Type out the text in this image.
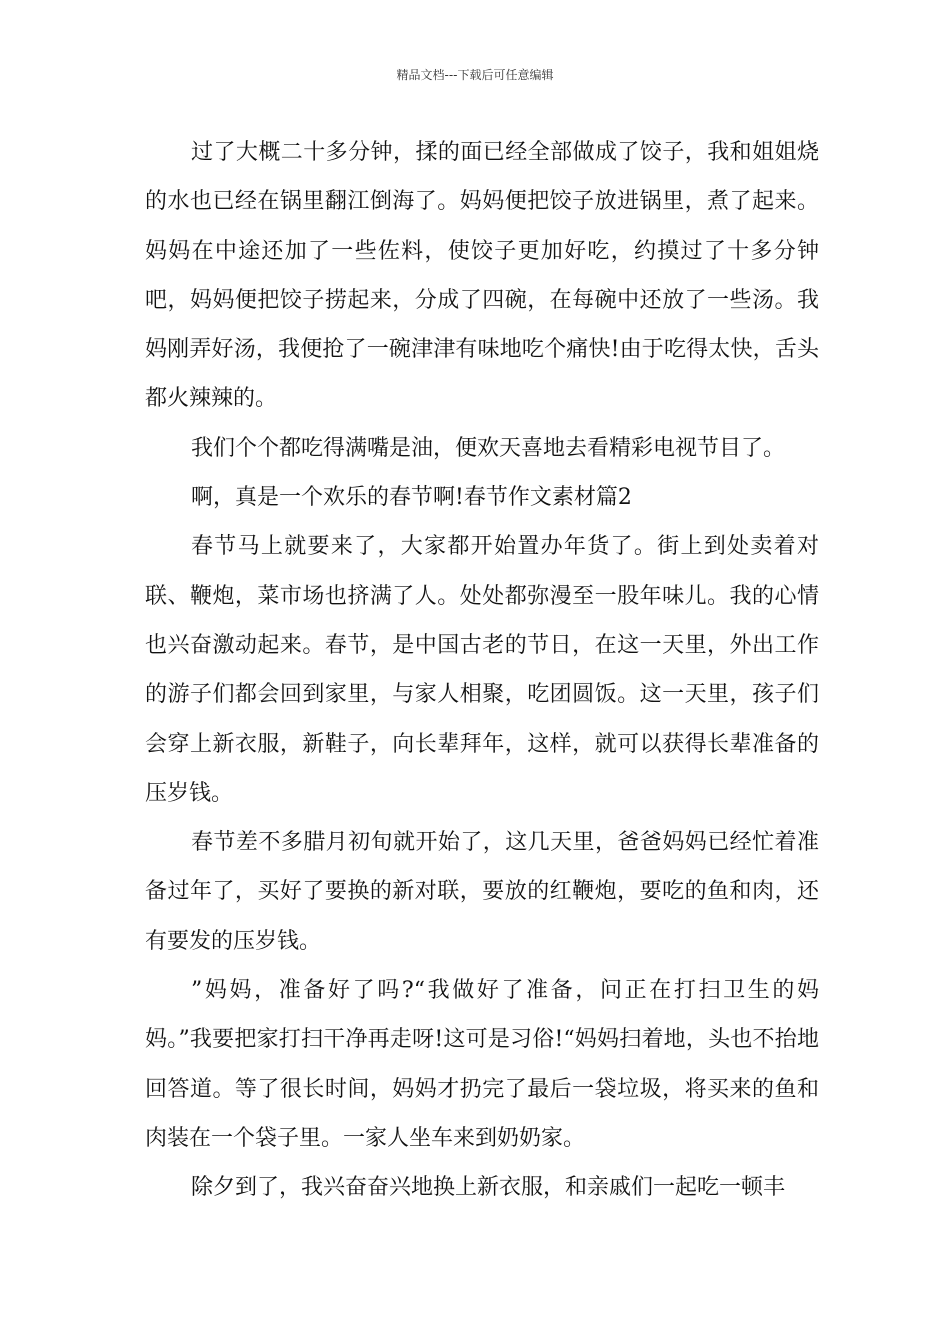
精品文档---下载后可任意编辑

过了大概二十多分钟，揉的面已经全部做成了饺子，我和姐姐烧的水也已经在锅里翻江倒海了。妈妈便把饺子放进锅里，煮了起来。妈妈在中途还加了一些佐料，使饺子更加好吃，约摸过了十多分钟吧，妈妈便把饺子捞起来，分成了四碗，在每碗中还放了一些汤。我妈刚弄好汤，我便抢了一碗津津有味地吃个痛快!由于吃得太快，舌头都火辣辣的。

我们个个都吃得满嘴是油，便欢天喜地去看精彩电视节目了。

啊，真是一个欢乐的春节啊!春节作文素材篇2

春节马上就要来了，大家都开始置办年货了。街上到处卖着对联、鞭炮，菜市场也挤满了人。处处都弥漫至一股年味儿。我的心情也兴奋激动起来。春节，是中国古老的节日，在这一天里，外出工作的游子们都会回到家里，与家人相聚，吃团圆饭。这一天里，孩子们会穿上新衣服，新鞋子，向长辈拜年，这样，就可以获得长辈准备的压岁钱。

春节差不多腊月初旬就开始了，这几天里，爸爸妈妈已经忙着准备过年了，买好了要换的新对联，要放的红鞭炮，要吃的鱼和肉，还有要发的压岁钱。

”妈妈，准备好了吗?“我做好了准备，问正在打扫卫生的妈妈。”我要把家打扫干净再走呀!这可是习俗!“妈妈扫着地，头也不抬地回答道。等了很长时间，妈妈才扔完了最后一袋垃圾，将买来的鱼和肉装在一个袋子里。一家人坐车来到奶奶家。

除夕到了，我兴奋奋兴地换上新衣服，和亲戚们一起吃一顿丰
